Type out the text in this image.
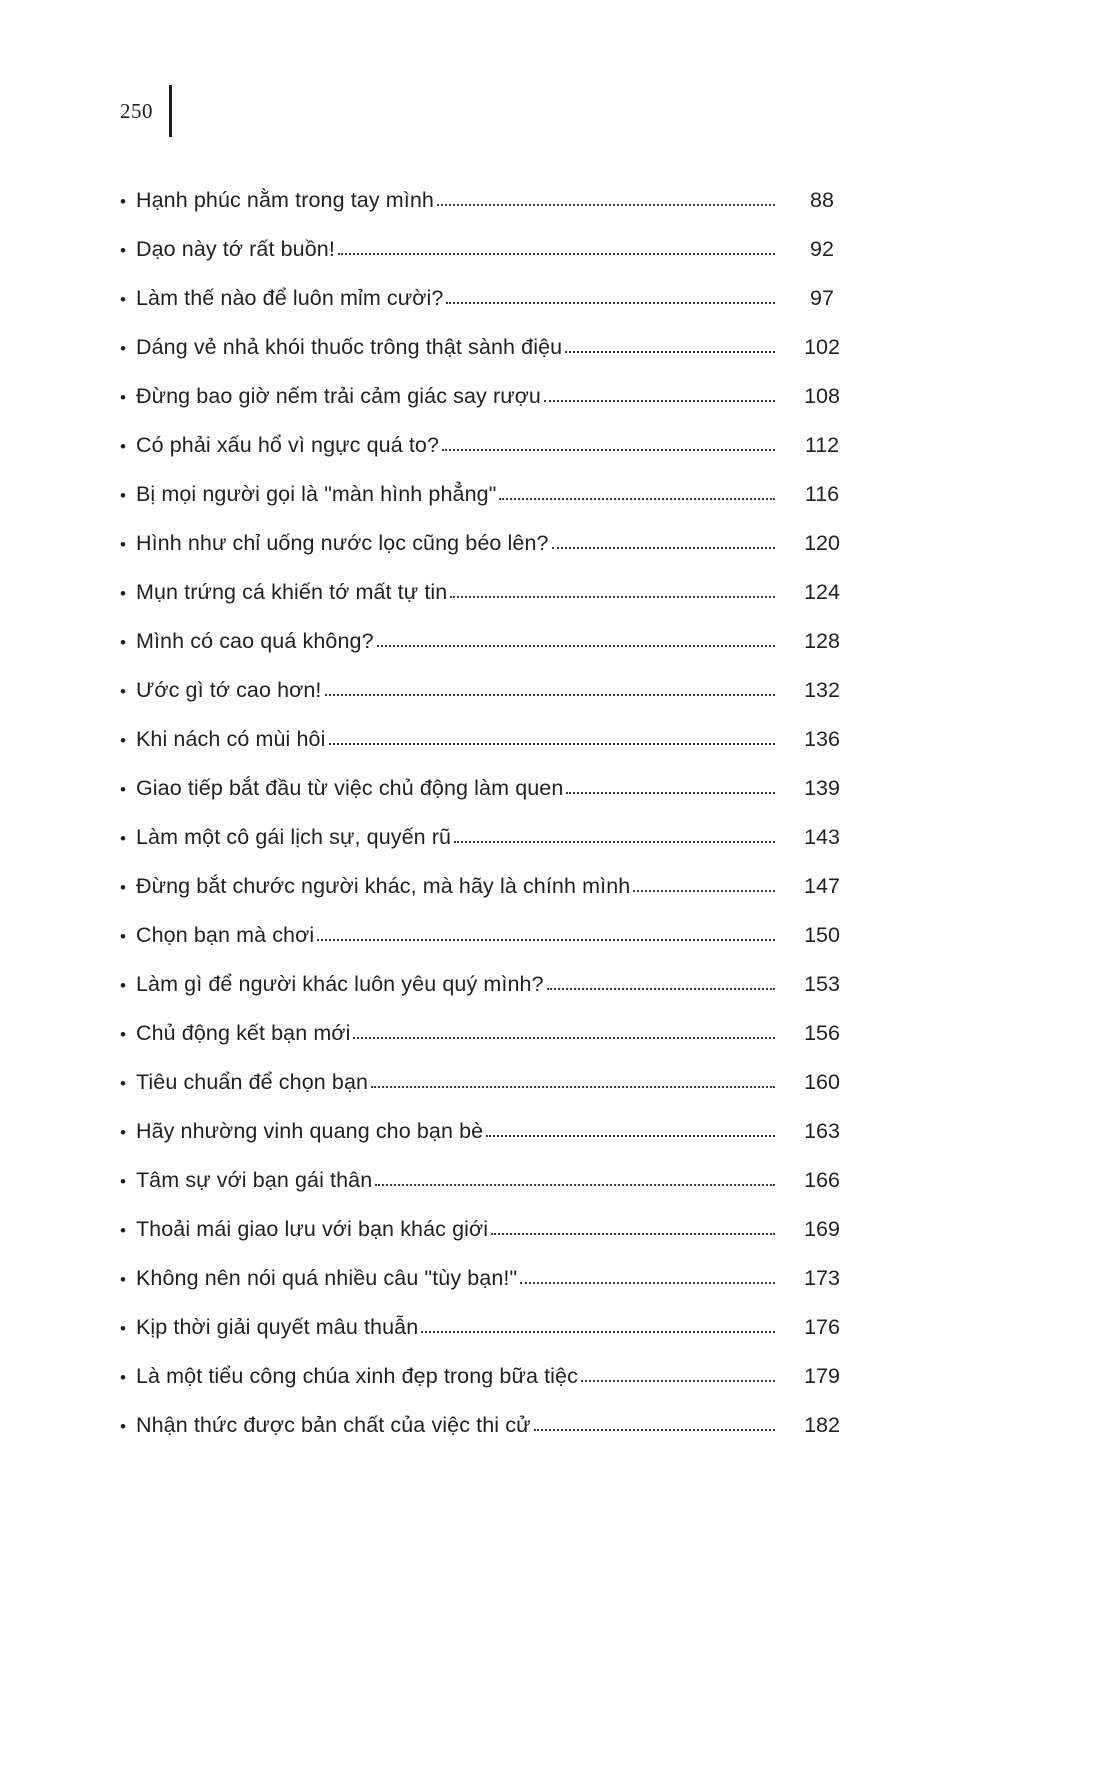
250
• Hạnh phúc nằm trong tay mình	88
• Dạo này tớ rất buồn!	92
• Làm thế nào để luôn mỉm cười?	97
• Dáng vẻ nhả khói thuốc trông thật sành điệu	102
• Đừng bao giờ nếm trải cảm giác say rượu	108
• Có phải xấu hổ vì ngực quá to?	112
• Bị mọi người gọi là "màn hình phẳng"	116
• Hình như chỉ uống nước lọc cũng béo lên?	120
• Mụn trứng cá khiến tớ mất tự tin	124
• Mình có cao quá không?	128
• Ước gì tớ cao hơn!	132
• Khi nách có mùi hôi	136
• Giao tiếp bắt đầu từ việc chủ động làm quen	139
• Làm một cô gái lịch sự, quyến rũ	143
• Đừng bắt chước người khác, mà hãy là chính mình	147
• Chọn bạn mà chơi	150
• Làm gì để người khác luôn yêu quý mình?	153
• Chủ động kết bạn mới	156
• Tiêu chuẩn để chọn bạn	160
• Hãy nhường vinh quang cho bạn bè	163
• Tâm sự với bạn gái thân	166
• Thoải mái giao lưu với bạn khác giới	169
• Không nên nói quá nhiều câu "tùy bạn!"	173
• Kịp thời giải quyết mâu thuẫn	176
• Là một tiểu công chúa xinh đẹp trong bữa tiệc	179
• Nhận thức được bản chất của việc thi cử	182
